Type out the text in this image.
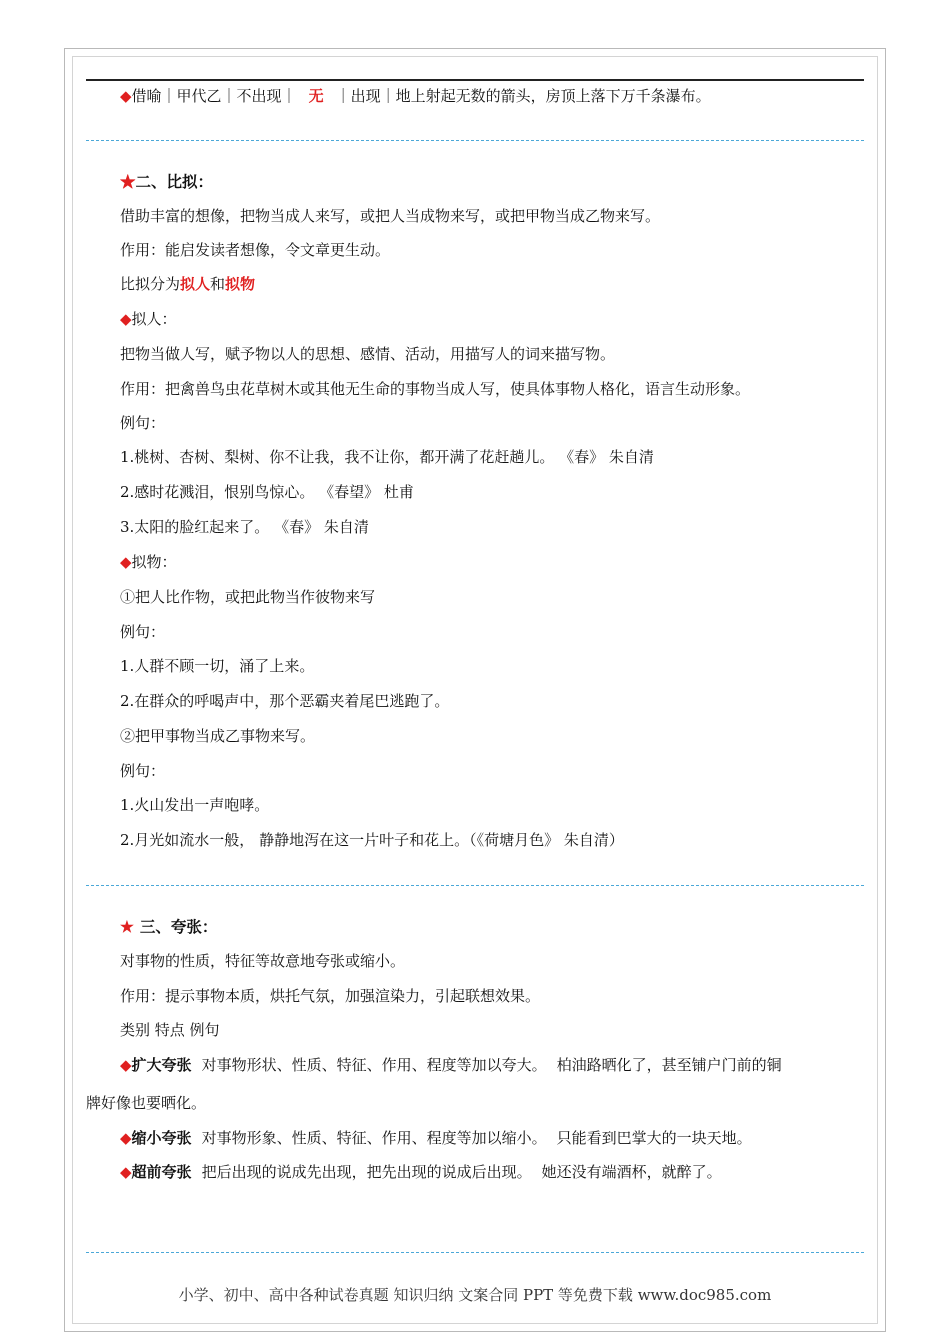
◆借喻｜甲代乙｜不出现｜ 无 ｜出现｜地上射起无数的箭头，房顶上落下万千条瀑布。
★二、比拟：
借助丰富的想像，把物当成人来写，或把人当成物来写，或把甲物当成乙物来写。
作用：能启发读者想像，令文章更生动。
比拟分为拟人和拟物
◆拟人：
把物当做人写，赋予物以人的思想、感情、活动，用描写人的词来描写物。
作用：把禽兽鸟虫花草树木或其他无生命的事物当成人写，使具体事物人格化，语言生动形象。
例句：
1.桃树、杏树、梨树、你不让我，我不让你，都开满了花赶趟儿。 《春》 朱自清
2.感时花溅泪，恨别鸟惊心。 《春望》 杜甫
3.太阳的脸红起来了。 《春》 朱自清
◆拟物：
①把人比作物，或把此物当作彼物来写
例句：
1.人群不顾一切，涌了上来。
2.在群众的呼喝声中，那个恶霸夹着尾巴逃跑了。
②把甲事物当成乙事物来写。
例句：
1.火山发出一声咆哮。
2.月光如流水一般， 静静地泻在这一片叶子和花上。（《荷塘月色》 朱自清）
★ 三、夸张：
对事物的性质，特征等故意地夸张或缩小。
作用：提示事物本质，烘托气氛，加强渲染力，引起联想效果。
类别 特点 例句
◆扩大夸张 对事物形状、性质、特征、作用、程度等加以夸大。 柏油路晒化了，甚至铺户门前的铜
牌好像也要晒化。
◆缩小夸张 对事物形象、性质、特征、作用、程度等加以缩小。 只能看到巴掌大的一块天地。
◆超前夸张 把后出现的说成先出现，把先出现的说成后出现。 她还没有端酒杯，就醉了。
小学、初中、高中各种试卷真题 知识归纳 文案合同 PPT 等免费下载 www.doc985.com
